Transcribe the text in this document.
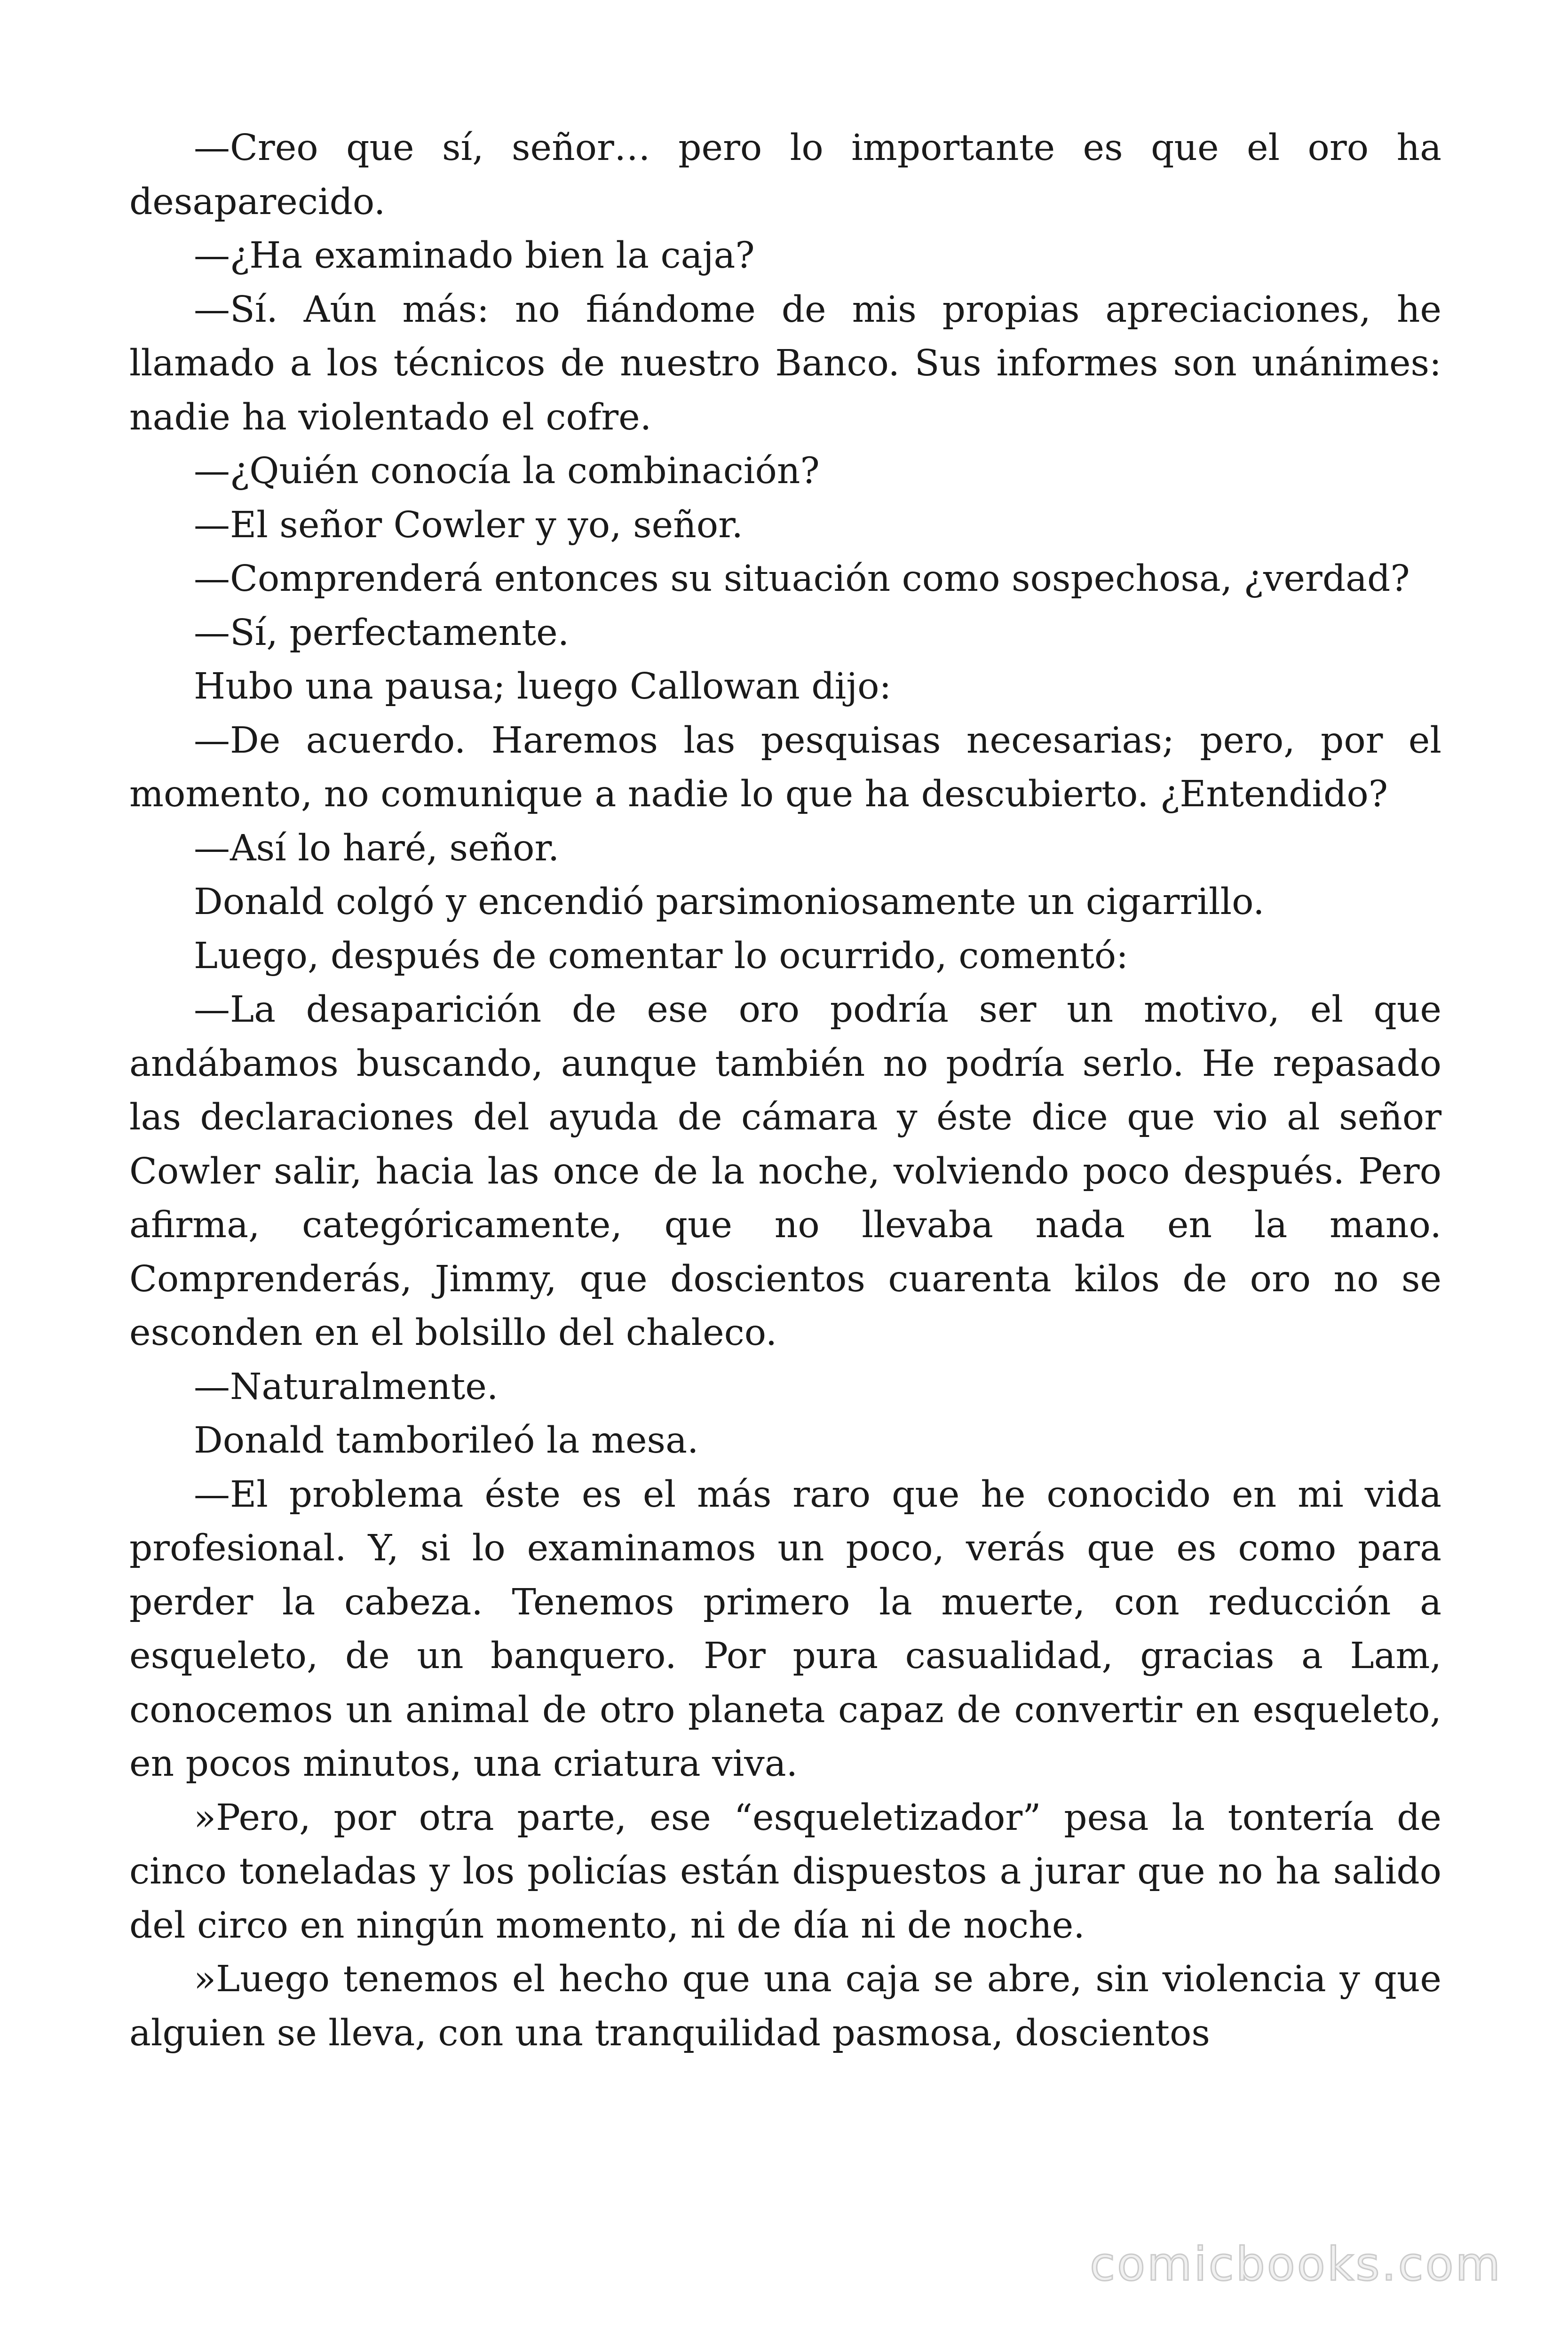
—Creo que sí, señor… pero lo importante es que el oro ha desaparecido.

—¿Ha examinado bien la caja?

—Sí. Aún más: no fiándome de mis propias apreciaciones, he llamado a los técnicos de nuestro Banco. Sus informes son unánimes: nadie ha violentado el cofre.

—¿Quién conocía la combinación?

—El señor Cowler y yo, señor.

—Comprenderá entonces su situación como sospechosa, ¿verdad?

—Sí, perfectamente.

Hubo una pausa; luego Callowan dijo:

—De acuerdo. Haremos las pesquisas necesarias; pero, por el momento, no comunique a nadie lo que ha descubierto. ¿Entendido?

—Así lo haré, señor.

Donald colgó y encendió parsimoniosamente un cigarrillo.

Luego, después de comentar lo ocurrido, comentó:

—La desaparición de ese oro podría ser un motivo, el que andábamos buscando, aunque también no podría serlo. He repasado las declaraciones del ayuda de cámara y éste dice que vio al señor Cowler salir, hacia las once de la noche, volviendo poco después. Pero afirma, categóricamente, que no llevaba nada en la mano. Comprenderás, Jimmy, que doscientos cuarenta kilos de oro no se esconden en el bolsillo del chaleco.

—Naturalmente.

Donald tamborileó la mesa.

—El problema éste es el más raro que he conocido en mi vida profesional. Y, si lo examinamos un poco, verás que es como para perder la cabeza. Tenemos primero la muerte, con reducción a esqueleto, de un banquero. Por pura casualidad, gracias a Lam, conocemos un animal de otro planeta capaz de convertir en esqueleto, en pocos minutos, una criatura viva.

»Pero, por otra parte, ese “esqueletizador” pesa la tontería de cinco toneladas y los policías están dispuestos a jurar que no ha salido del circo en ningún momento, ni de día ni de noche.

»Luego tenemos el hecho que una caja se abre, sin violencia y que alguien se lleva, con una tranquilidad pasmosa, doscientos

comicbooks.com
